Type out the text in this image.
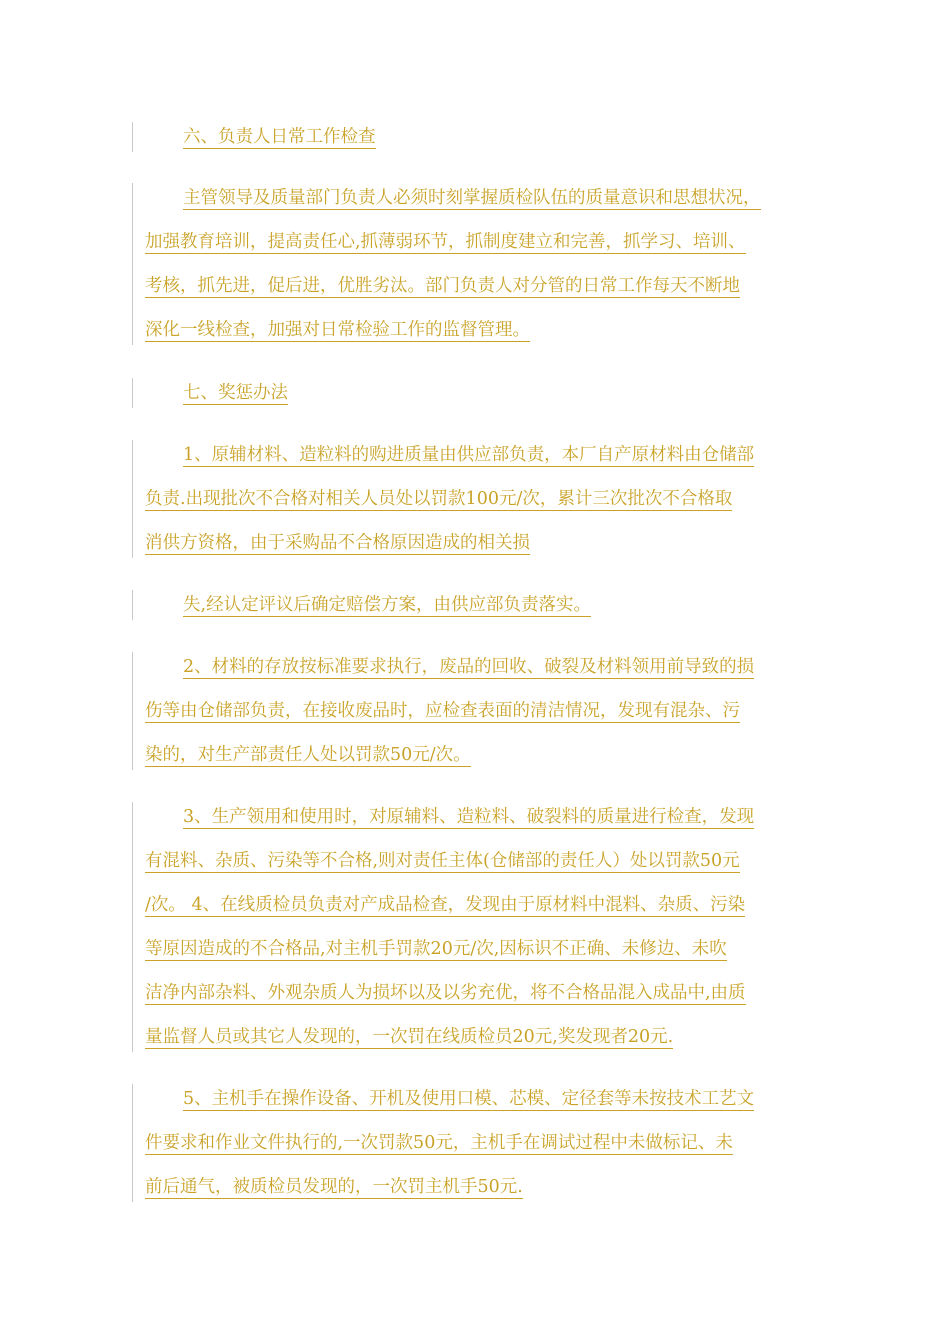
六、负责人日常工作检查
主管领导及质量部门负责人必须时刻掌握质检队伍的质量意识和思想状况，
加强教育培训，提高责任心,抓薄弱环节，抓制度建立和完善，抓学习、培训、
考核，抓先进，促后进，优胜劣汰。部门负责人对分管的日常工作每天不断地
深化一线检查，加强对日常检验工作的监督管理。
七、奖惩办法
1、原辅材料、造粒料的购进质量由供应部负责，本厂自产原材料由仓储部
负责.出现批次不合格对相关人员处以罚款100元/次，累计三次批次不合格取
消供方资格，由于采购品不合格原因造成的相关损
失,经认定评议后确定赔偿方案，由供应部负责落实。
2、材料的存放按标准要求执行，废品的回收、破裂及材料领用前导致的损
伤等由仓储部负责，在接收废品时，应检查表面的清洁情况，发现有混杂、污
染的，对生产部责任人处以罚款50元/次。
3、生产领用和使用时，对原辅料、造粒料、破裂料的质量进行检查，发现
有混料、杂质、污染等不合格,则对责任主体(仓储部的责任人）处以罚款50元
/次。 4、在线质检员负责对产成品检查，发现由于原材料中混料、杂质、污染
等原因造成的不合格品,对主机手罚款20元/次,因标识不正确、未修边、未吹
洁净内部杂料、外观杂质人为损坏以及以劣充优，将不合格品混入成品中,由质
量监督人员或其它人发现的，一次罚在线质检员20元,奖发现者20元.
5、主机手在操作设备、开机及使用口模、芯模、定径套等未按技术工艺文
件要求和作业文件执行的,一次罚款50元，主机手在调试过程中未做标记、未
前后通气，被质检员发现的，一次罚主机手50元.
